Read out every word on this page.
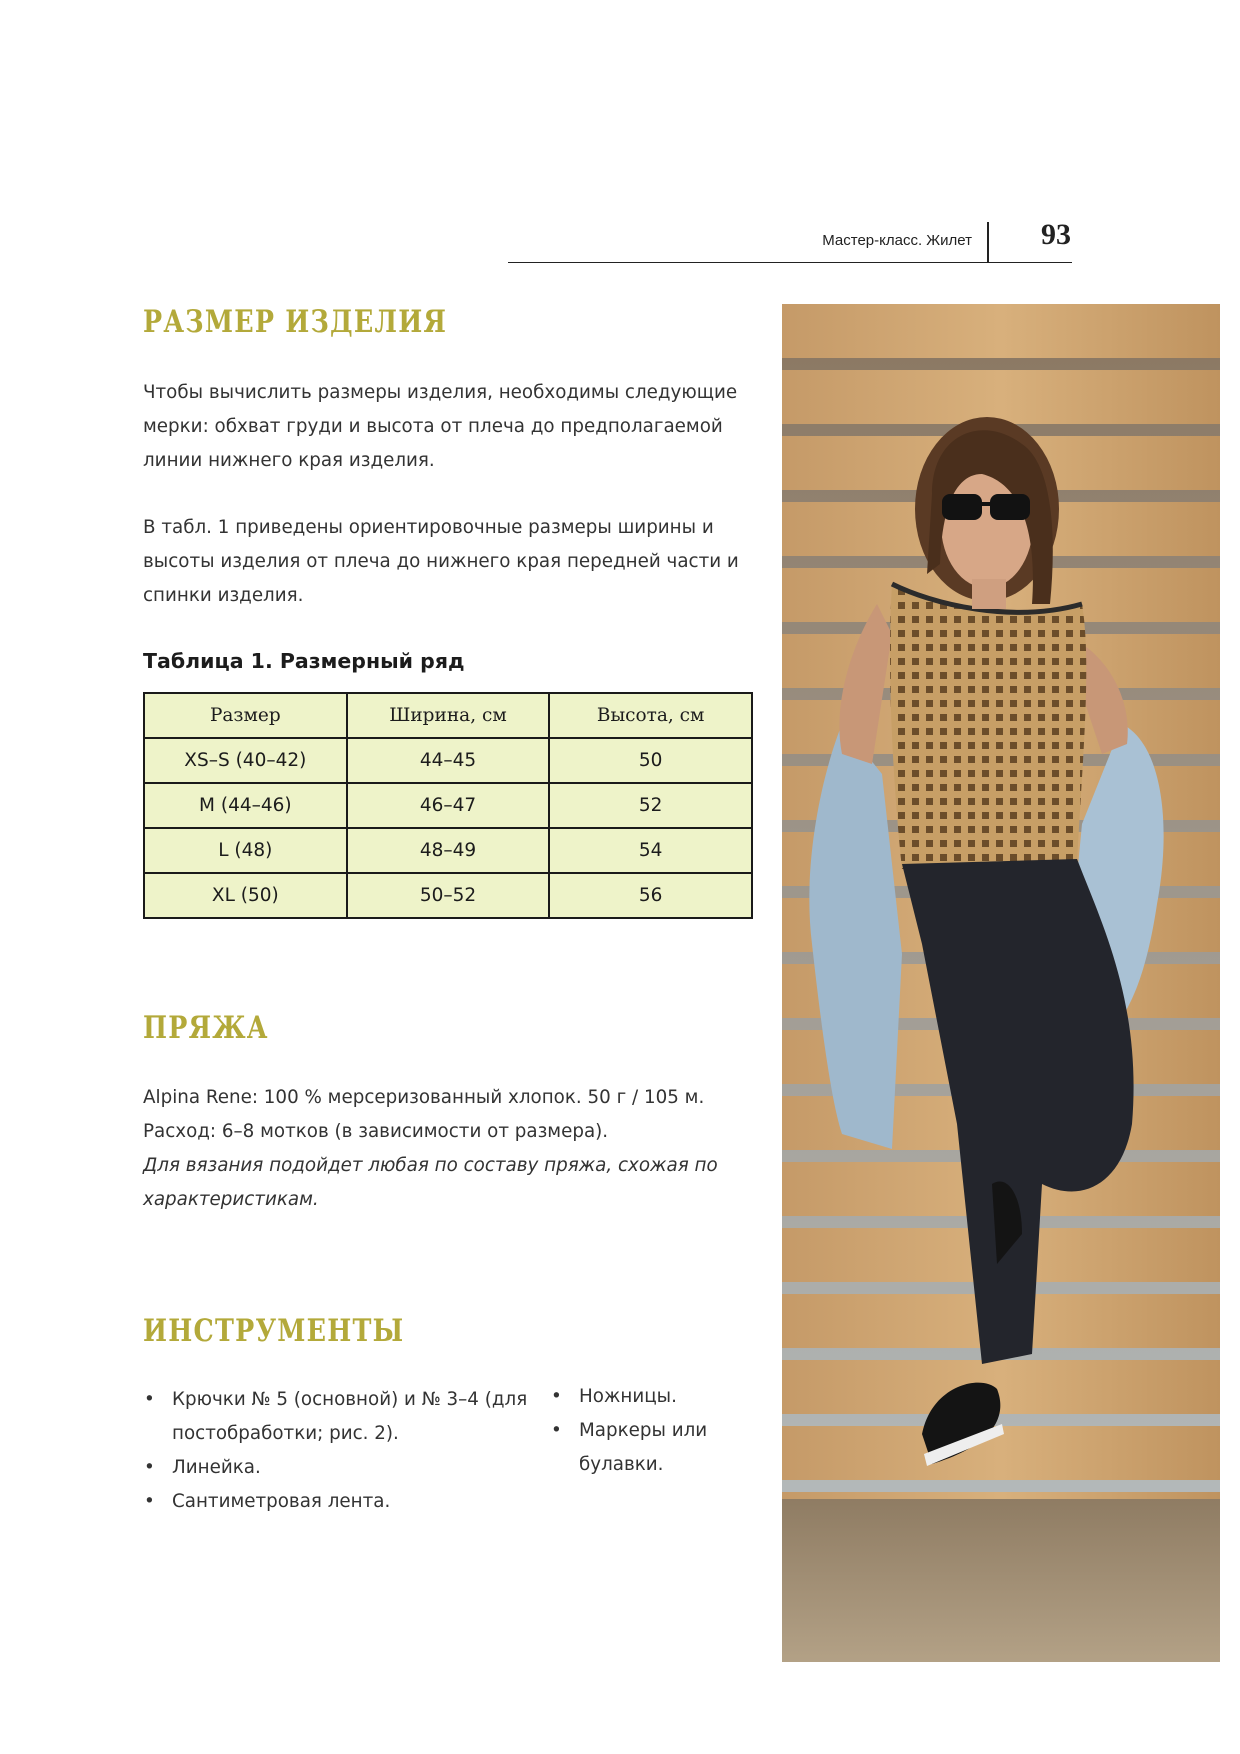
Мастер-класс. Жилет 93
РАЗМЕР ИЗДЕЛИЯ

Чтобы вычислить размеры изделия, необходимы следующие мерки: обхват груди и высота от плеча до предполагаемой линии нижнего края изделия.

В табл. 1 приведены ориентировочные размеры ширины и высоты изделия от плеча до нижнего края передней части и спинки изделия.

Таблица 1. Размерный ряд

Размер	Ширина, см	Высота, см
XS–S (40–42)	44–45	50
M (44–46)	46–47	52
L (48)	48–49	54
XL (50)	50–52	56
ПРЯЖА
Alpina Rene: 100 % мерсеризованный хлопок. 50 г / 105 м.
Расход: 6–8 мотков (в зависимости от размера).
Для вязания подойдет любая по составу пряжа, схожая по характеристикам.
ИНСТРУМЕНТЫ
• Крючки № 5 (основной) и № 3–4 (для постобработки; рис. 2).
• Линейка.
• Сантиметровая лента.
• Ножницы.
• Маркеры или булавки.
